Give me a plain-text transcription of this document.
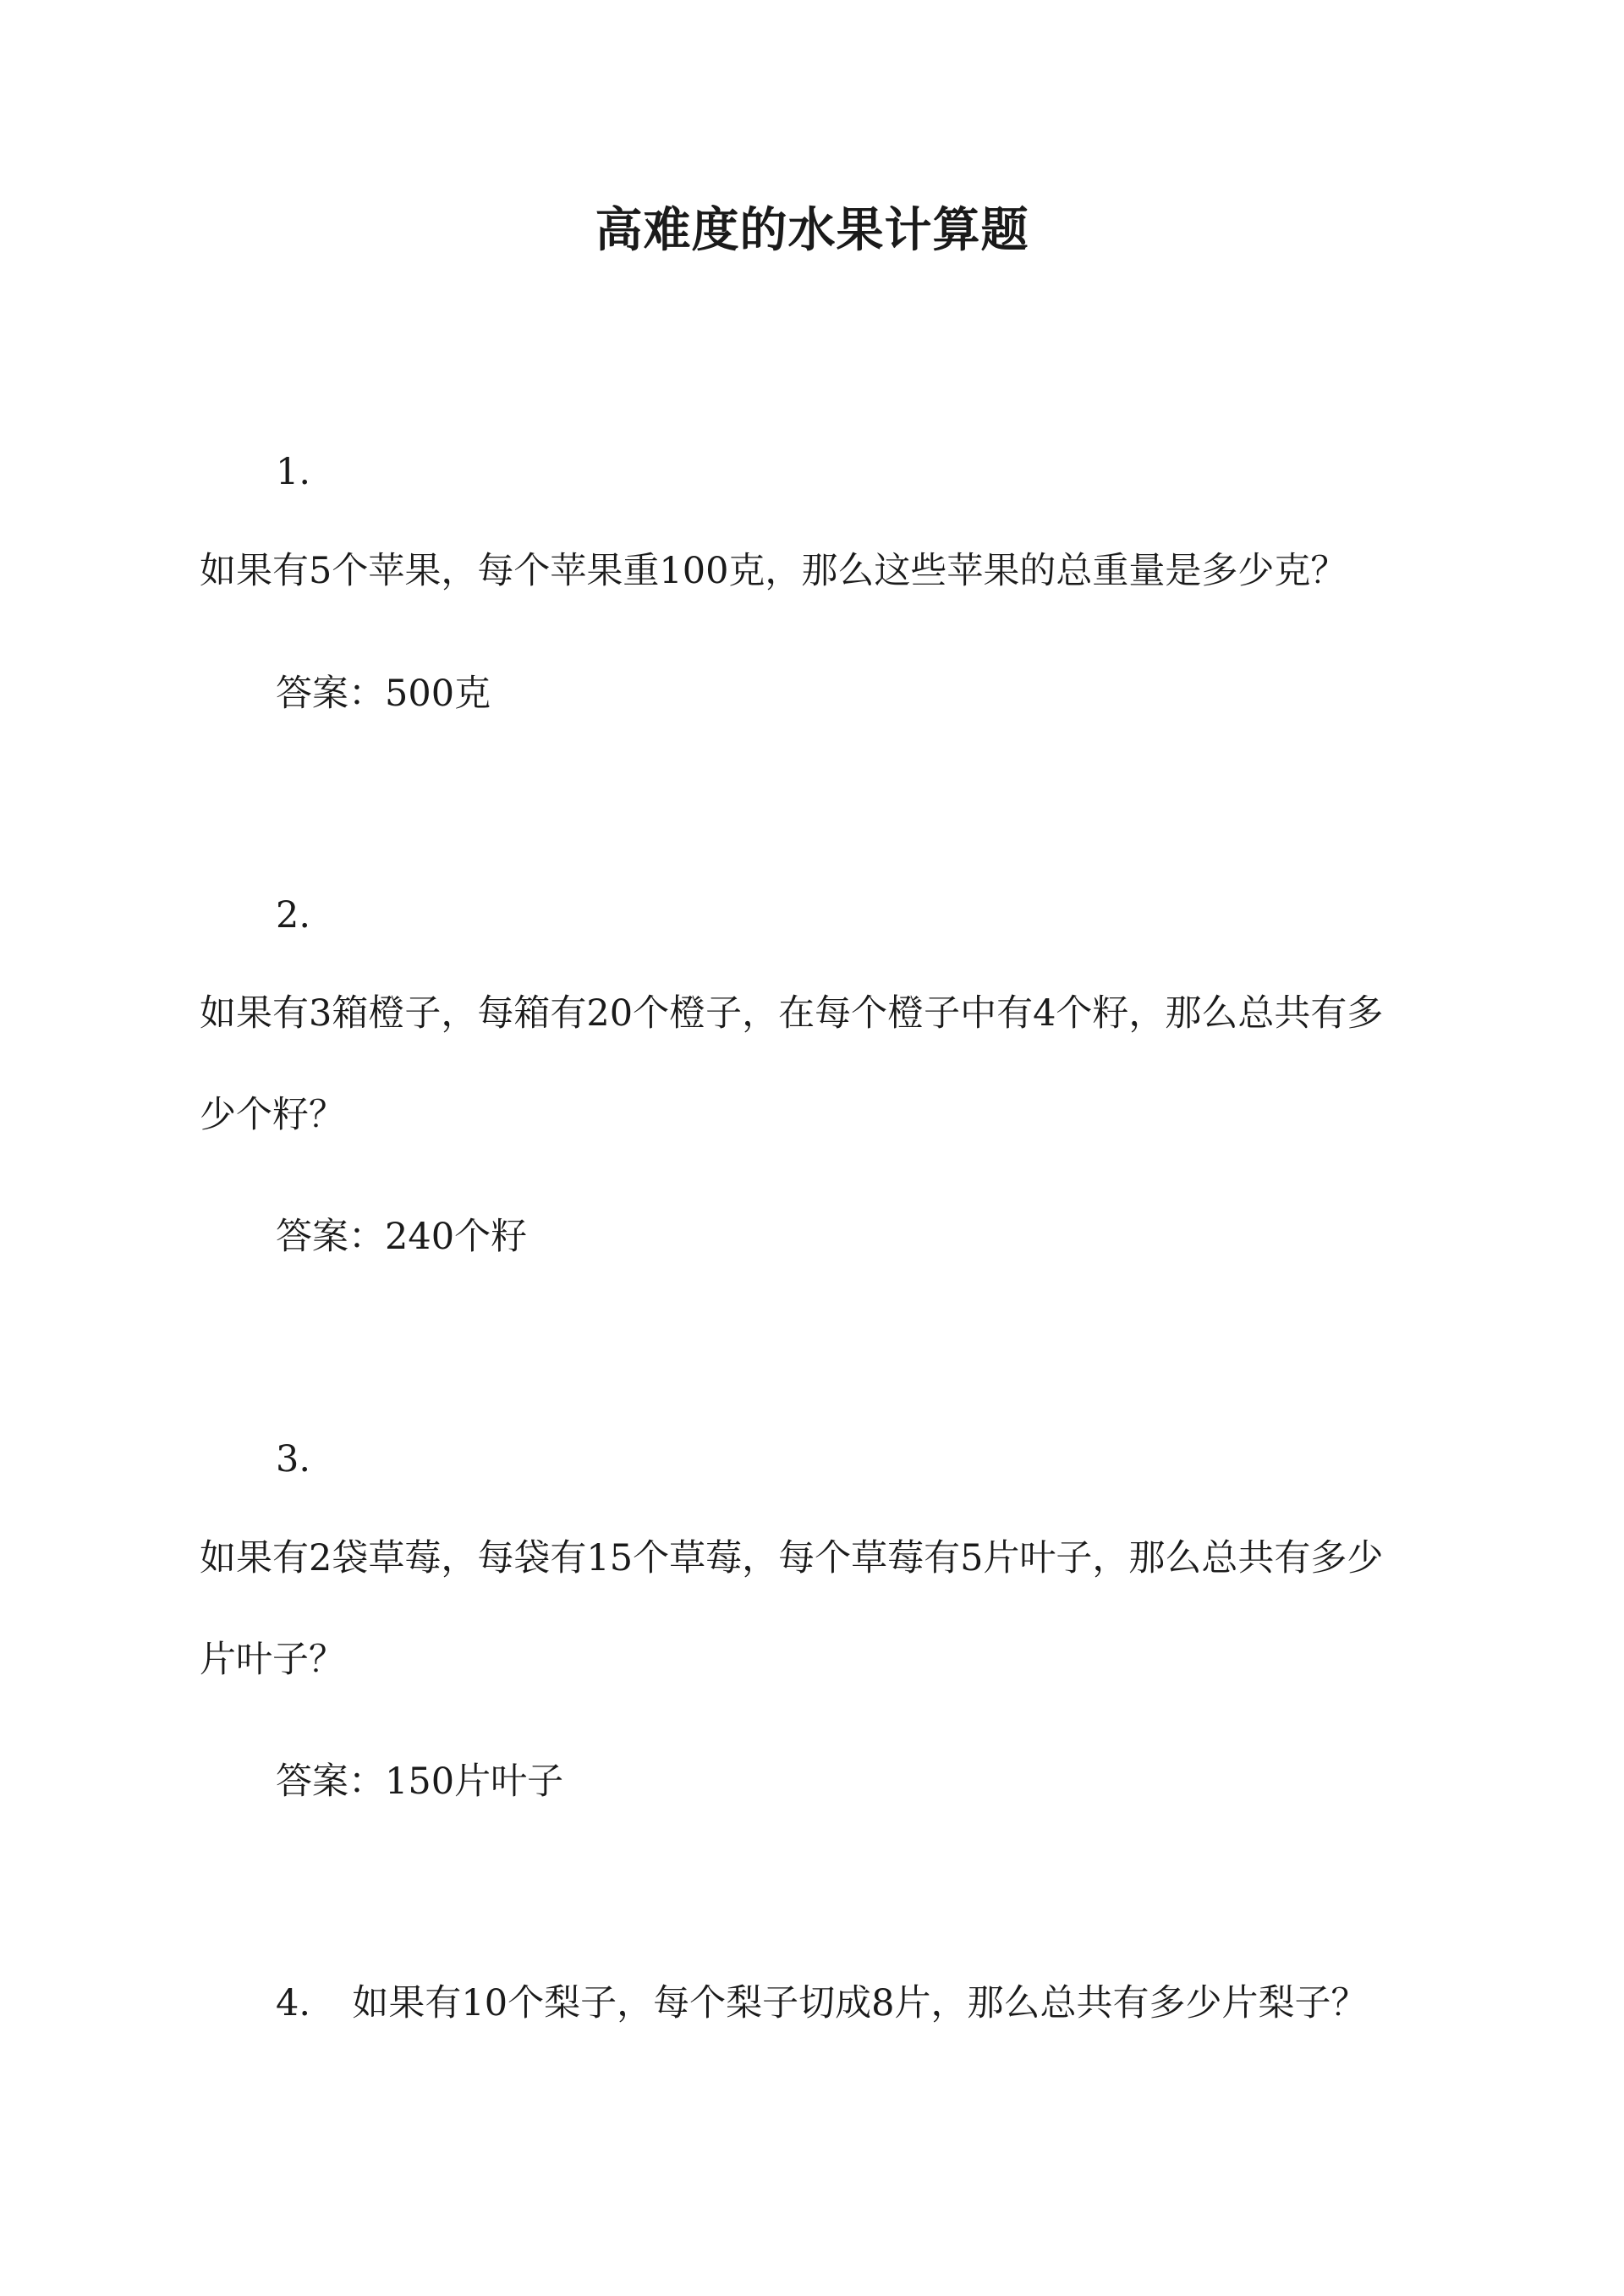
高难度的水果计算题
1.
如果有5个苹果，每个苹果重100克，那么这些苹果的总重量是多少克？
答案：500克
2.
如果有3箱橙子，每箱有20个橙子，在每个橙子中有4个籽，那么总共有多
少个籽？
答案：240个籽
3.
如果有2袋草莓，每袋有15个草莓，每个草莓有5片叶子，那么总共有多少
片叶子？
答案：150片叶子
4. 如果有10个梨子，每个梨子切成8片，那么总共有多少片梨子？
